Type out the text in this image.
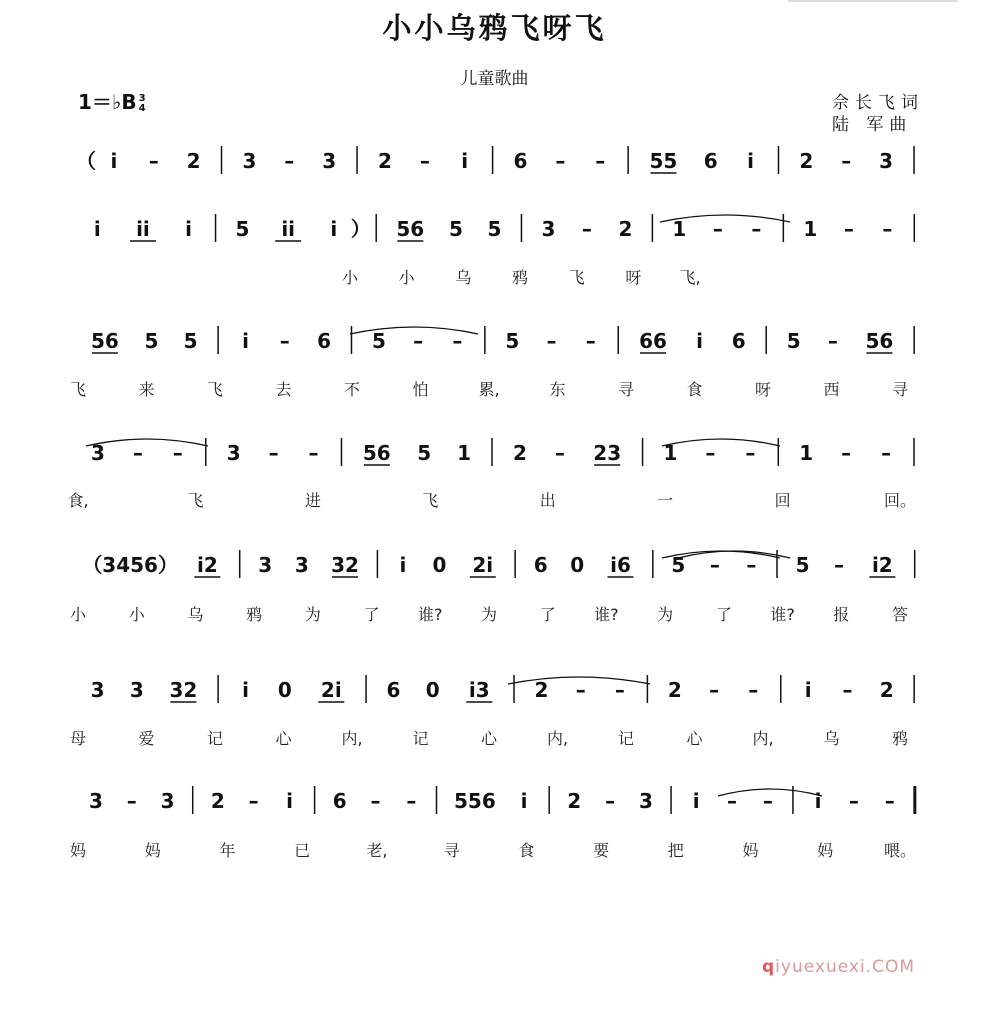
小小乌鸦飞呀飞
儿童歌曲
1＝♭B 3
4	佘长飞词
陆 军曲
（ i – 2 3 – 3 2 – i 6 – – 55 6 i 2 – 3
i ii i 5 ii i ） 56 5 5 3 – 2 1 – – 1 – –
小	小	乌	鸦	飞	呀 飞,
56 5 5 i – 6 5 – – 5 – – 66 i 6 5 – 56
飞	来	飞	去	不	怕	累,	东	寻	食	呀	西	寻
3 – – 3 – – 56 5 1 2 – 23 1 – – 1 – –
食,	飞	进	飞	出	一	回	回。
（3456） i2 3 3 32 i 0 2i 6 0 i6 5 – – 5 – i2
小	小	乌	鸦	为	了 谁? 为	了 谁? 为	了 谁? 报	答
3 3 32 i 0 2i 6 0 i3 2 – – 2 – – i – 2
母	爱	记	心	内,	记	心	内,	记	心	内,	乌	鸦
3 – 3 2 – i 6 – – 556 i 2 – 3 i – – i – –
妈	妈	年	已	老,	寻	食	要	把	妈	妈	喂。
qiyuexuexi.COM
